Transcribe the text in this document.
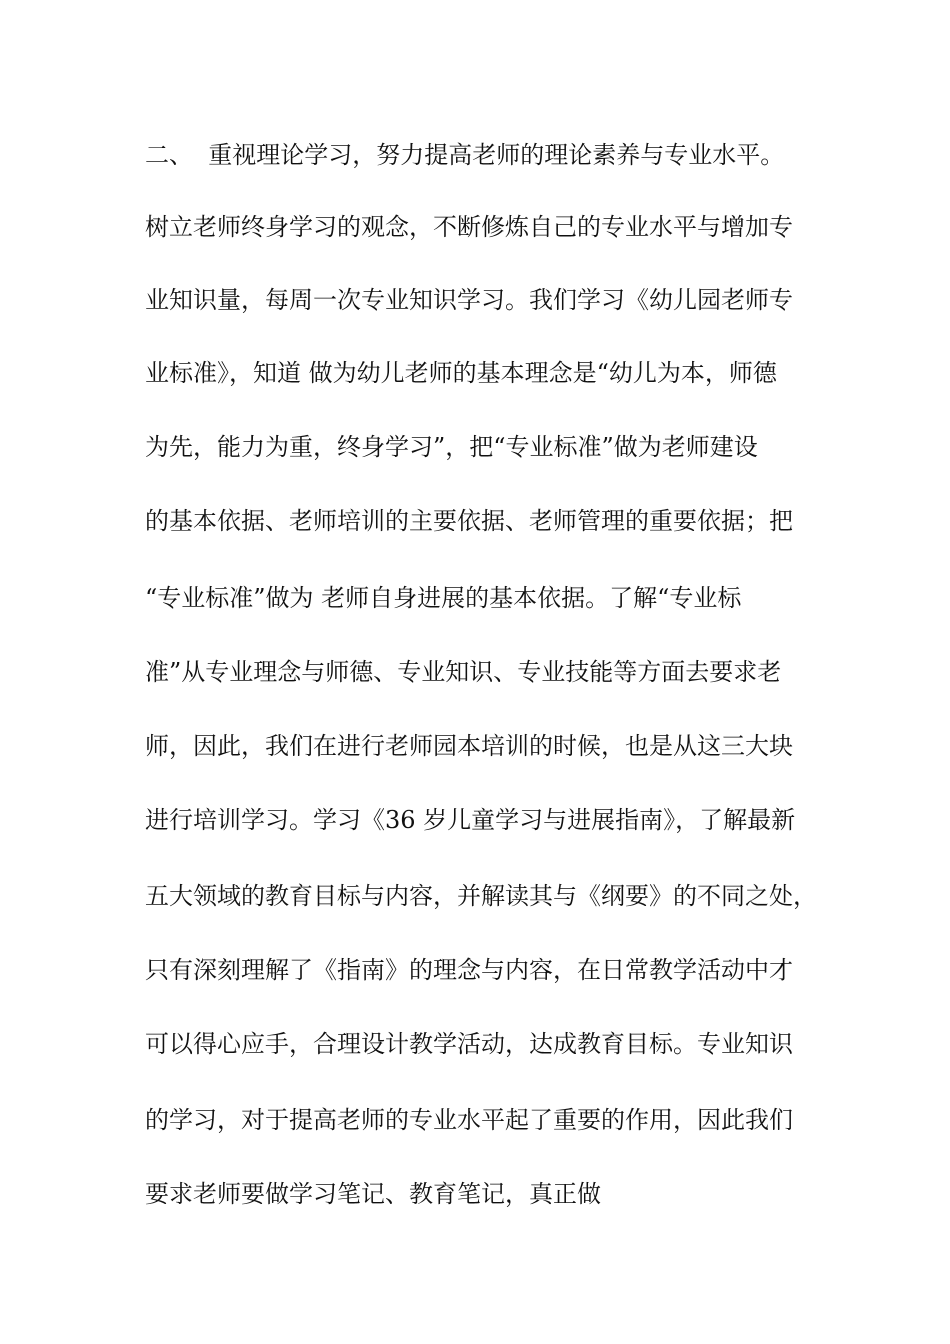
二、  重视理论学习，努力提高老师的理论素养与专业水平。
树立老师终身学习的观念，不断修炼自己的专业水平与增加专
业知识量，每周一次专业知识学习。我们学习《幼儿园老师专
业标准》，知道 做为幼儿老师的基本理念是“幼儿为本，师德
为先，能力为重，终身学习”，把“专业标准”做为老师建设
的基本依据、老师培训的主要依据、老师管理的重要依据；把
“专业标准”做为 老师自身进展的基本依据。了解“专业标
准”从专业理念与师德、专业知识、专业技能等方面去要求老
师，因此，我们在进行老师园本培训的时候，也是从这三大块
进行培训学习。学习《36 岁儿童学习与进展指南》，了解最新
五大领域的教育目标与内容，并解读其与《纲要》的不同之处，
只有深刻理解了《指南》的理念与内容，在日常教学活动中才
可以得心应手，合理设计教学活动，达成教育目标。专业知识
的学习，对于提高老师的专业水平起了重要的作用，因此我们
要求老师要做学习笔记、教育笔记，真正做
